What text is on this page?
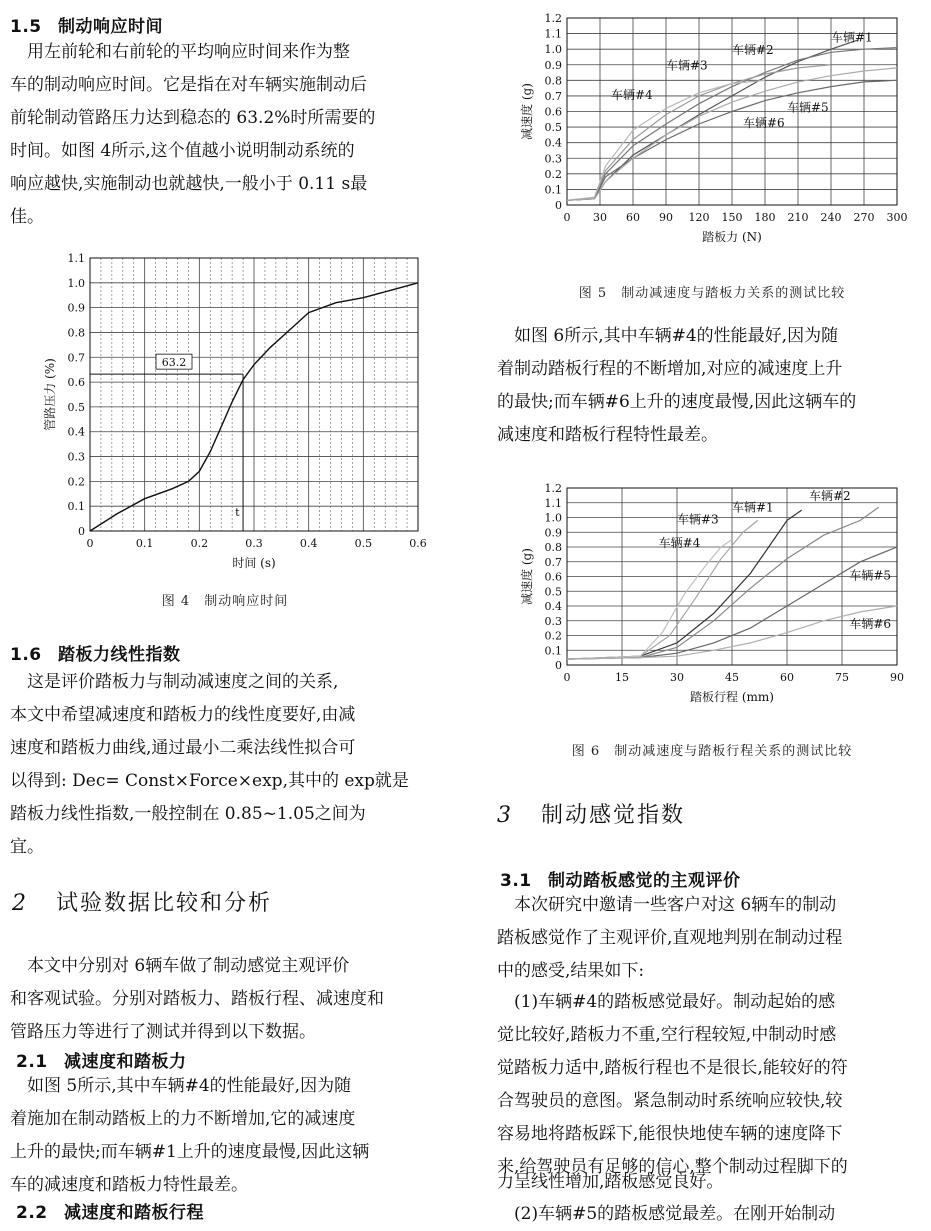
1.5 制动响应时间

　用左前轮和右前轮的平均响应时间来作为整
车的制动响应时间。它是指在对车辆实施制动后
前轮制动管路压力达到稳态的 63.2%时所需要的
时间。如图 4所示,这个值越小说明制动系统的
响应越快,实施制动也就越快,一般小于 0.11 s最
佳。

0
0.1
0.2
0.3
0.4
0.5
0.6
0.7
0.8
0.9
1.0
1.1
0	0.1	0.2	0.3	0.4	0.5	0.6
时间 (s)
管路压力 (%)	63.2
t
图 4　制动响应时间
1.6 踏板力线性指数

　这是评价踏板力与制动减速度之间的关系,
本文中希望减速度和踏板力的线性度要好,由减
速度和踏板力曲线,通过最小二乘法线性拟合可
以得到: Dec= Const×Force×exp,其中的 exp就是
踏板力线性指数,一般控制在 0.85~1.05之间为
宜。

2 试验数据比较和分析

　本文中分别对 6辆车做了制动感觉主观评价
和客观试验。分别对踏板力、踏板行程、减速度和
管路压力等进行了测试并得到以下数据。

2.1 减速度和踏板力

　如图 5所示,其中车辆#4的性能最好,因为随
着施加在制动踏板上的力不断增加,它的减速度
上升的最快;而车辆#1上升的速度最慢,因此这辆
车的减速度和踏板力特性最差。

2.2 减速度和踏板行程
0
0.1
0.2
0.3
0.4
0.5
0.6
0.7
0.8
0.9
1.0
1.1
1.2
0 30 60 90 120 150 180 210 240 270 300
车辆#1
车辆#2
车辆#3
车辆#4
车辆#5
车辆#6
踏板力 (N)
减速度 (g)
图 5　制动减速度与踏板力关系的测试比较

　如图 6所示,其中车辆#4的性能最好,因为随
着制动踏板行程的不断增加,对应的减速度上升
的最快;而车辆#6上升的速度最慢,因此这辆车的
减速度和踏板行程特性最差。

0
0.1
0.2
0.3
0.4
0.5
0.6
0.7
0.8
0.9
1.0
1.1
1.2
0	15	30	45	60	75	90
车辆#2
车辆#1
车辆#3
车辆#4
车辆#5
车辆#6
踏板行程 (mm)
减速度 (g)
图 6　制动减速度与踏板行程关系的测试比较
3 制动感觉指数
3.1 制动踏板感觉的主观评价

　本次研究中邀请一些客户对这 6辆车的制动
踏板感觉作了主观评价,直观地判别在制动过程
中的感受,结果如下:

　(1)车辆#4的踏板感觉最好。制动起始的感
觉比较好,踏板力不重,空行程较短,中制动时感
觉踏板力适中,踏板行程也不是很长,能较好的符
合驾驶员的意图。紧急制动时系统响应较快,较
容易地将踏板踩下,能很快地使车辆的速度降下
来,给驾驶员有足够的信心,整个制动过程脚下的

力呈线性增加,踏板感觉良好。

　(2)车辆#5的踏板感觉最差。在刚开始制动
